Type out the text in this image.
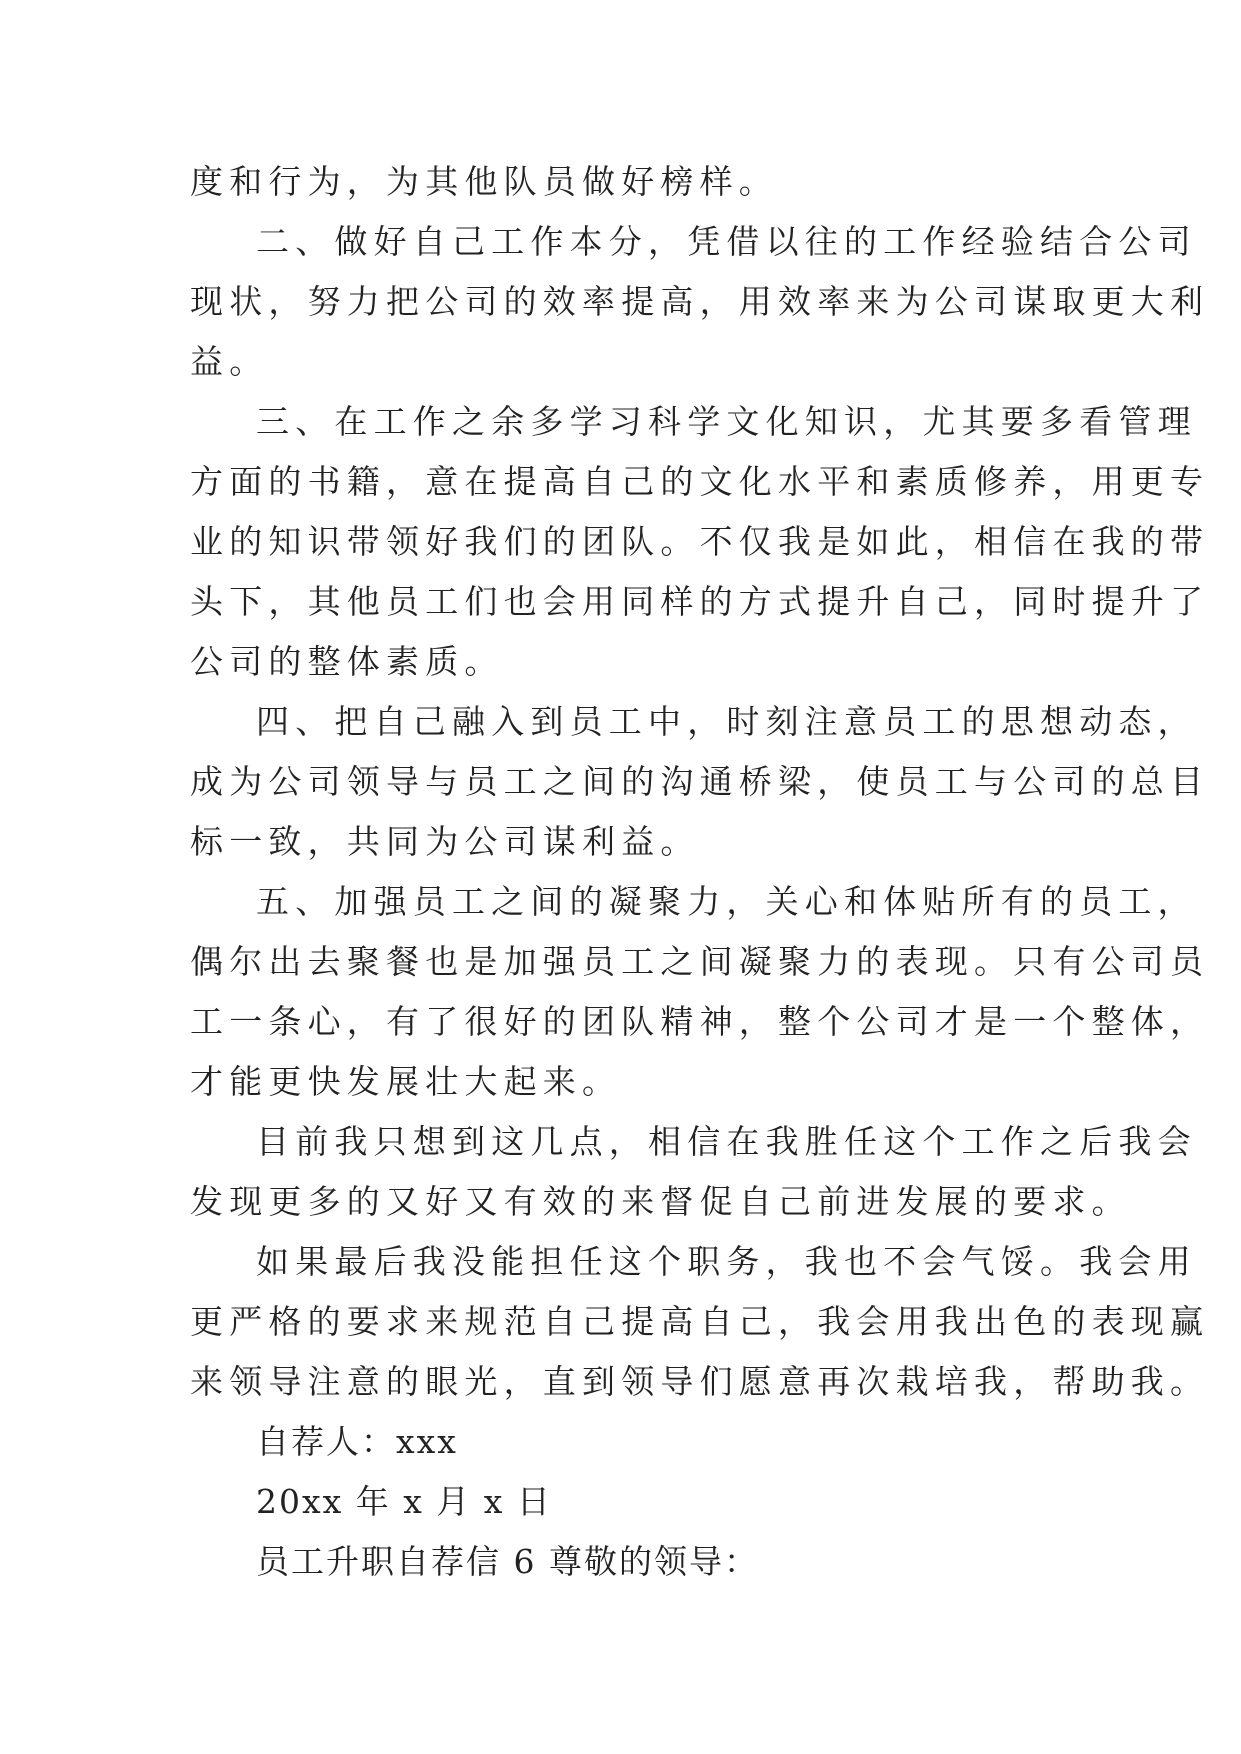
度和行为，为其他队员做好榜样。
二、做好自己工作本分，凭借以往的工作经验结合公司
现状，努力把公司的效率提高，用效率来为公司谋取更大利
益。
三、在工作之余多学习科学文化知识，尤其要多看管理
方面的书籍，意在提高自己的文化水平和素质修养，用更专
业的知识带领好我们的团队。不仅我是如此，相信在我的带
头下，其他员工们也会用同样的方式提升自己，同时提升了
公司的整体素质。
四、把自己融入到员工中，时刻注意员工的思想动态，
成为公司领导与员工之间的沟通桥梁，使员工与公司的总目
标一致，共同为公司谋利益。
五、加强员工之间的凝聚力，关心和体贴所有的员工，
偶尔出去聚餐也是加强员工之间凝聚力的表现。只有公司员
工一条心，有了很好的团队精神，整个公司才是一个整体，
才能更快发展壮大起来。
目前我只想到这几点，相信在我胜任这个工作之后我会
发现更多的又好又有效的来督促自己前进发展的要求。
如果最后我没能担任这个职务，我也不会气馁。我会用
更严格的要求来规范自己提高自己，我会用我出色的表现赢
来领导注意的眼光，直到领导们愿意再次栽培我，帮助我。
自荐人：xxx
20xx 年 x 月 x 日
员工升职自荐信 6 尊敬的领导：
